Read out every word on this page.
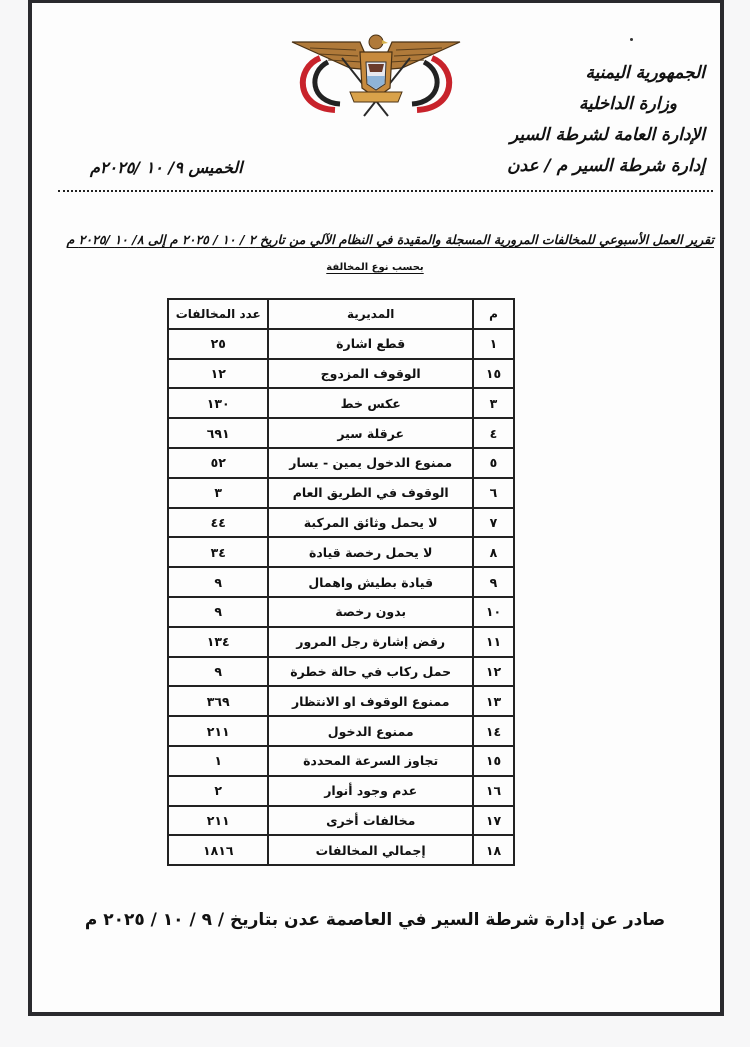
الجمهورية اليمنية
وزارة الداخلية
الإدارة العامة لشرطة السير
إدارة شرطة السير م / عدن
الخميس ٩/ ١٠ /٢٠٢٥م
تقرير العمل الأسبوعي للمخالفات المرورية المسجلة والمقيدة في النظام الآلي من تاريخ ٢ / ١٠ / ٢٠٢٥ م إلى ٨/ ١٠ /٢٠٢٥ م
بحسب نوع المخالفة
م	المديرية	عدد المخالفات
١	قطع اشارة	٢٥
١٥	الوقوف المزدوج	١٢
٣	عكس خط	١٣٠
٤	عرقلة سير	٦٩١
٥	ممنوع الدخول يمين - يسار	٥٢
٦	الوقوف في الطريق العام	٣
٧	لا يحمل وثائق المركبة	٤٤
٨	لا يحمل رخصة قيادة	٣٤
٩	قيادة بطيش واهمال	٩
١٠	بدون رخصة	٩
١١	رفض إشارة رجل المرور	١٣٤
١٢	حمل ركاب في حالة خطرة	٩
١٣	ممنوع الوقوف او الانتظار	٣٦٩
١٤	ممنوع الدخول	٢١١
١٥	تجاوز السرعة المحددة	١
١٦	عدم وجود أنوار	٢
١٧	مخالفات أخرى	٢١١
١٨	إجمالي المخالفات	١٨١٦
صادر عن إدارة شرطة السير في العاصمة عدن بتاريخ / ٩ / ١٠ / ٢٠٢٥ م
